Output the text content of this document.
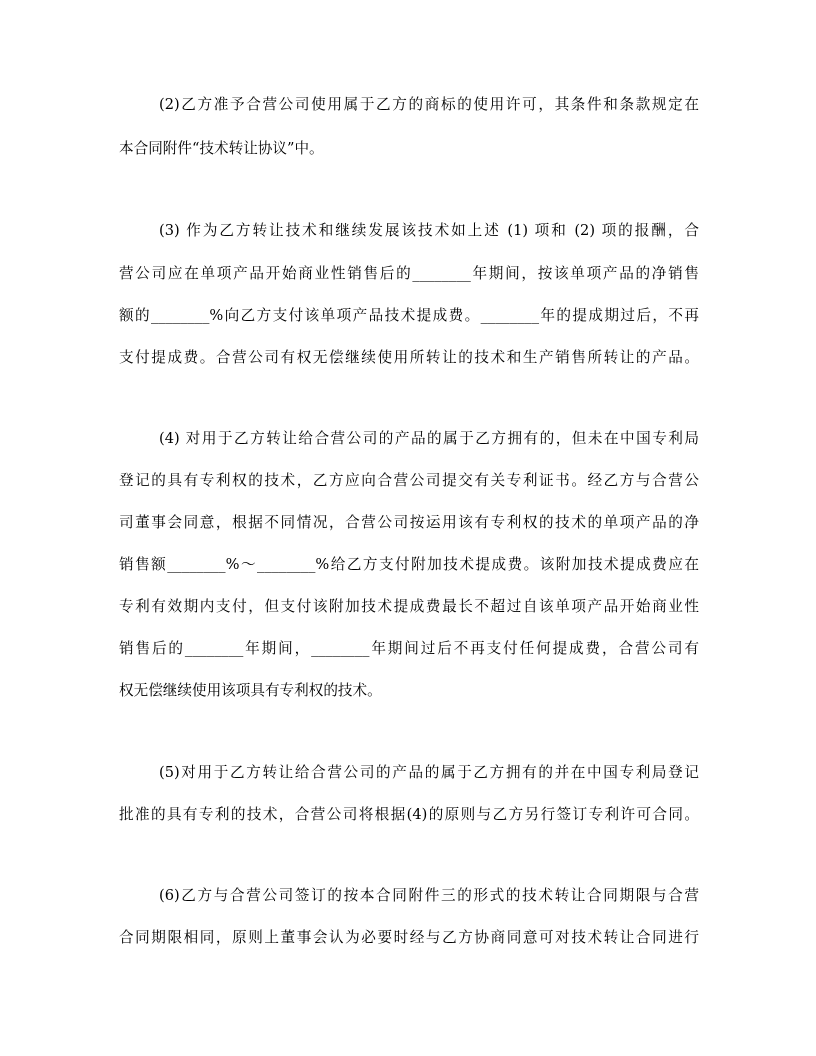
(2)乙方准予合营公司使用属于乙方的商标的使用许可，其条件和条款规定在
本合同附件“技术转让协议”中。
(3) 作为乙方转让技术和继续发展该技术如上述 (1) 项和 (2) 项的报酬，合
营公司应在单项产品开始商业性销售后的________年期间，按该单项产品的净销售
额的________%向乙方支付该单项产品技术提成费。________年的提成期过后，不再
支付提成费。合营公司有权无偿继续使用所转让的技术和生产销售所转让的产品。
(4) 对用于乙方转让给合营公司的产品的属于乙方拥有的，但未在中国专利局
登记的具有专利权的技术，乙方应向合营公司提交有关专利证书。经乙方与合营公
司董事会同意，根据不同情况，合营公司按运用该有专利权的技术的单项产品的净
销售额________%～________%给乙方支付附加技术提成费。该附加技术提成费应在
专利有效期内支付，但支付该附加技术提成费最长不超过自该单项产品开始商业性
销售后的________年期间，________年期间过后不再支付任何提成费，合营公司有
权无偿继续使用该项具有专利权的技术。
(5)对用于乙方转让给合营公司的产品的属于乙方拥有的并在中国专利局登记
批准的具有专利的技术，合营公司将根据(4)的原则与乙方另行签订专利许可合同。
(6)乙方与合营公司签订的按本合同附件三的形式的技术转让合同期限与合营
合同期限相同，原则上董事会认为必要时经与乙方协商同意可对技术转让合同进行
